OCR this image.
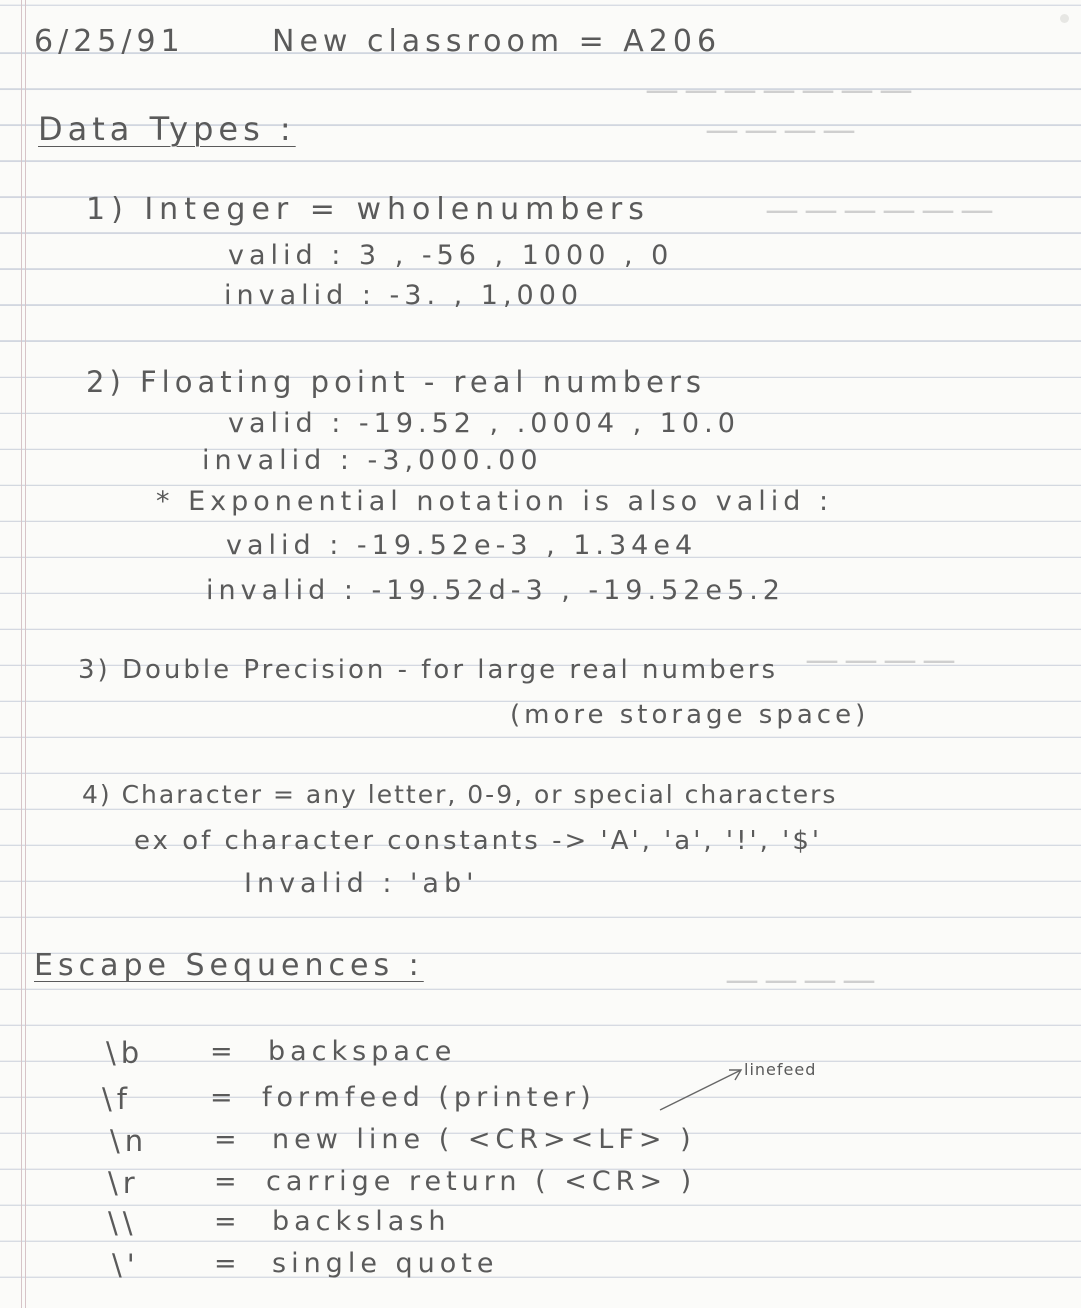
———————
————
——————
————
————
6/25/91	New classroom = A206
Data Types :
1) Integer = wholenumbers
valid : 3 , -56 , 1000 , 0
invalid : -3. , 1,000
2) Floating point - real numbers
valid : -19.52 , .0004 , 10.0
invalid : -3,000.00
* Exponential notation is also valid :
valid : -19.52e-3 , 1.34e4
invalid : -19.52d-3 , -19.52e5.2
3) Double Precision - for large real numbers
(more storage space)
4) Character = any letter, 0-9, or special characters
ex of character constants -> 'A', 'a', '!', '$'
Invalid : 'ab'
Escape Sequences :
\b = backspace
\f	= formfeed (printer)
\n = new line ( <CR><LF> )
\r	= carrige return ( <CR> )
\\	= backslash
\'	= single quote
linefeed
